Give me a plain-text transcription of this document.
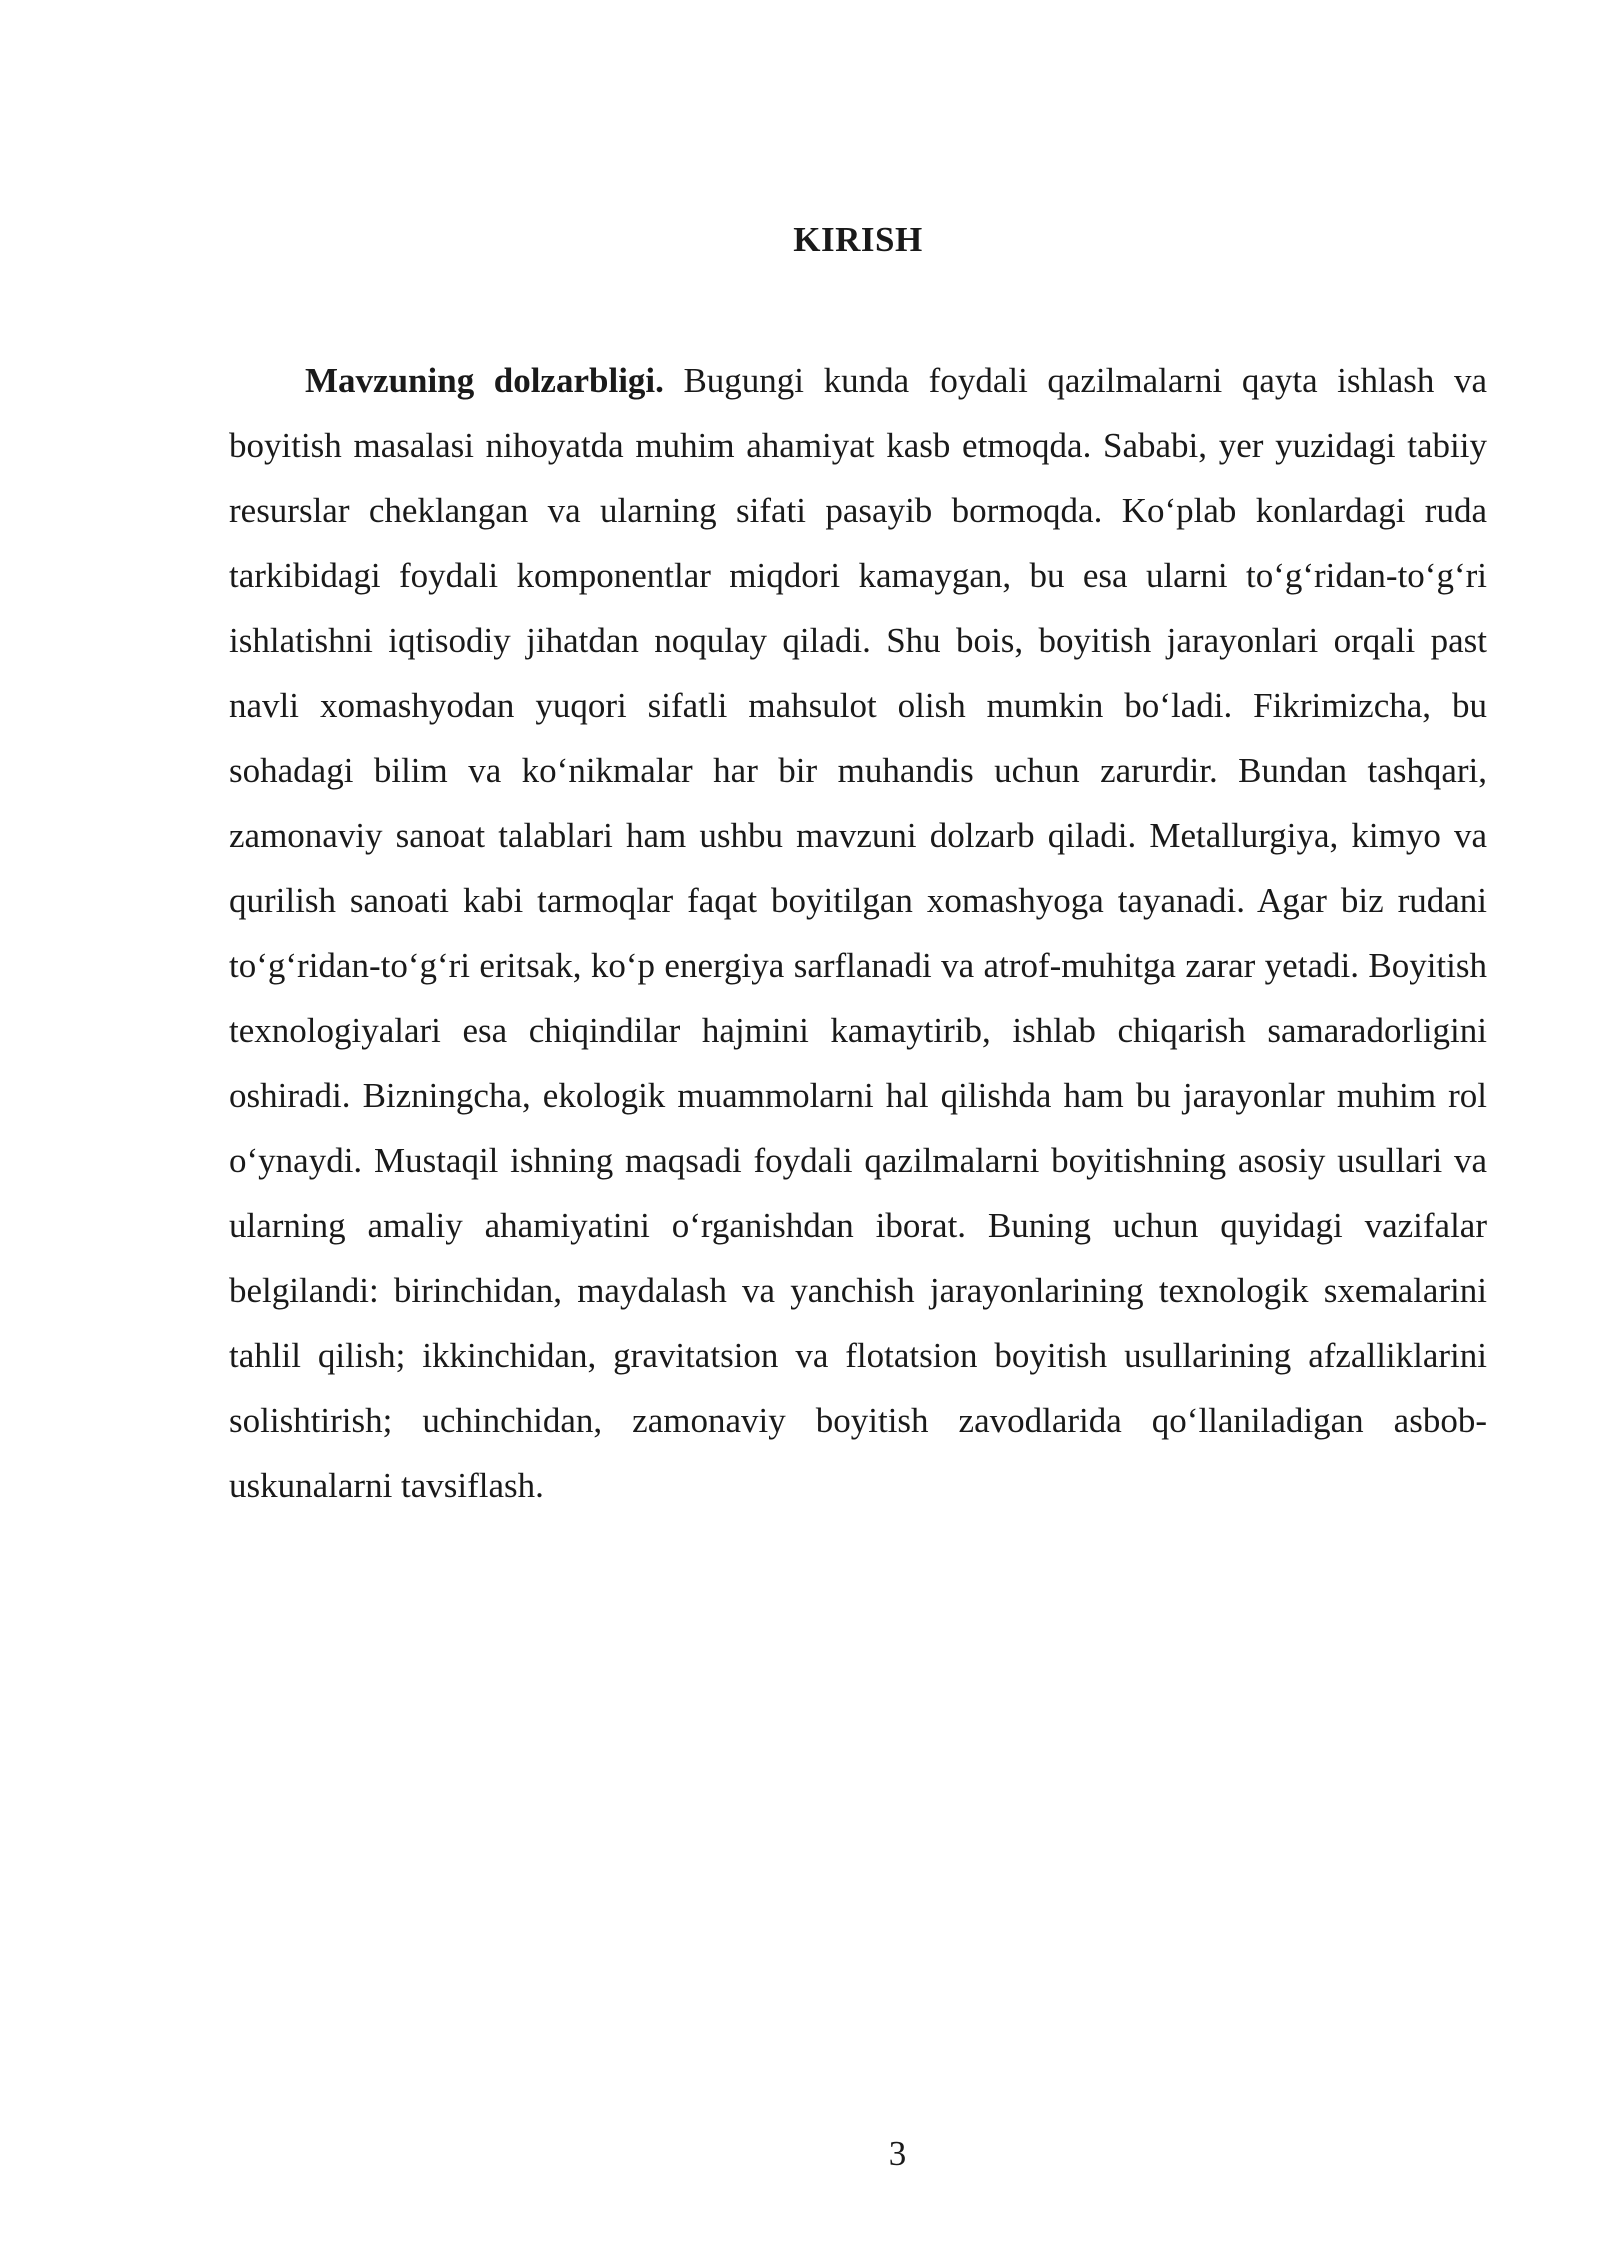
KIRISH

Mavzuning dolzarbligi. Bugungi kunda foydali qazilmalarni qayta ishlash va boyitish masalasi nihoyatda muhim ahamiyat kasb etmoqda. Sababi, yer yuzidagi tabiiy resurslar cheklangan va ularning sifati pasayib bormoqda. Ko‘plab konlardagi ruda tarkibidagi foydali komponentlar miqdori kamaygan, bu esa ularni to‘g‘ridan-to‘g‘ri ishlatishni iqtisodiy jihatdan noqulay qiladi. Shu bois, boyitish jarayonlari orqali past navli xomashyodan yuqori sifatli mahsulot olish mumkin bo‘ladi. Fikrimizcha, bu sohadagi bilim va ko‘nikmalar har bir muhandis uchun zarurdir. Bundan tashqari, zamonaviy sanoat talablari ham ushbu mavzuni dolzarb qiladi. Metallurgiya, kimyo va qurilish sanoati kabi tarmoqlar faqat boyitilgan xomashyoga tayanadi. Agar biz rudani to‘g‘ridan-to‘g‘ri eritsak, ko‘p energiya sarflanadi va atrof-muhitga zarar yetadi. Boyitish texnologiyalari esa chiqindilar hajmini kamaytirib, ishlab chiqarish samaradorligini oshiradi. Bizningcha, ekologik muammolarni hal qilishda ham bu jarayonlar muhim rol o‘ynaydi. Mustaqil ishning maqsadi foydali qazilmalarni boyitishning asosiy usullari va ularning amaliy ahamiyatini o‘rganishdan iborat. Buning uchun quyidagi vazifalar belgilandi: birinchidan, maydalash va yanchish jarayonlarining texnologik sxemalarini tahlil qilish; ikkinchidan, gravitatsion va flotatsion boyitish usullarining afzalliklarini solishtirish; uchinchidan, zamonaviy boyitish zavodlarida qo‘llaniladigan asbob-uskunalarni tavsiflash.

3
